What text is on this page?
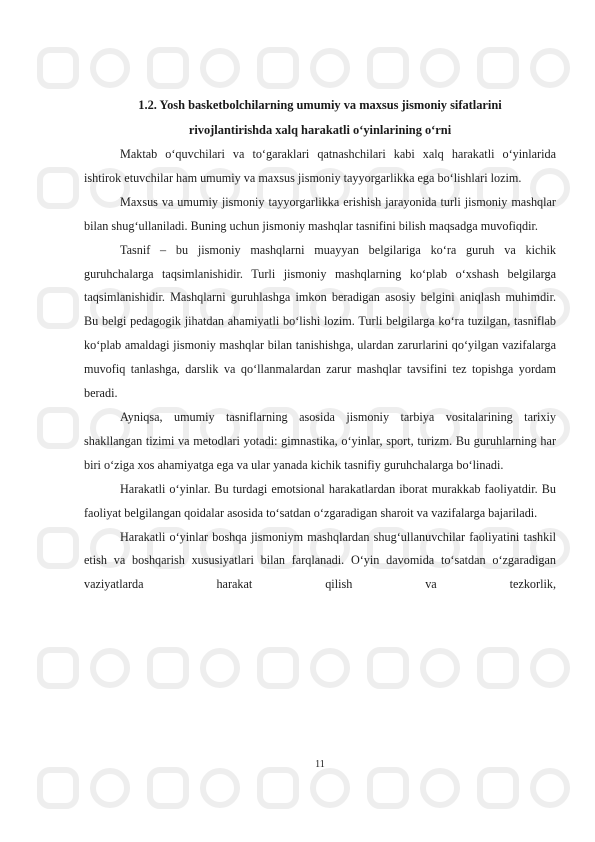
1.2. Yosh basketbolchilarning umumiy va maxsus jismoniy sifatlarini

rivojlantirishda xalq harakatli o‘yinlarining o‘rni

Maktab o‘quvchilari va to‘garaklari qatnashchilari kabi xalq harakatli o‘yinlarida ishtirok etuvchilar ham umumiy va maxsus jismoniy tayyorgarlikka ega bo‘lishlari lozim.

Maxsus va umumiy jismoniy tayyorgarlikka erishish jarayonida turli jismoniy mashqlar bilan shug‘ullaniladi. Buning uchun jismoniy mashqlar tasnifini bilish maqsadga muvofiqdir.

Tasnif – bu jismoniy mashqlarni muayyan belgilariga ko‘ra guruh va kichik guruhchalarga taqsimlanishidir. Turli jismoniy mashqlarning ko‘plab o‘xshash belgilarga taqsimlanishidir. Mashqlarni guruhlashga imkon beradigan asosiy belgini aniqlash muhimdir. Bu belgi pedagogik jihatdan ahamiyatli bo‘lishi lozim. Turli belgilarga ko‘ra tuzilgan, tasniflab ko‘plab amaldagi jismoniy mashqlar bilan tanishishga, ulardan zarurlarini qo‘yilgan vazifalarga muvofiq tanlashga, darslik va qo‘llanmalardan zarur mashqlar tavsifini tez topishga yordam beradi.

Ayniqsa, umumiy tasniflarning asosida jismoniy tarbiya vositalarining tarixiy shakllangan tizimi va metodlari yotadi: gimnastika, o‘yinlar, sport, turizm. Bu guruhlarning har biri o‘ziga xos ahamiyatga ega va ular yanada kichik tasnifiy guruhchalarga bo‘linadi.

Harakatli o‘yinlar. Bu turdagi emotsional harakatlardan iborat murakkab faoliyatdir. Bu faoliyat belgilangan qoidalar asosida to‘satdan o‘zgaradigan sharoit va vazifalarga bajariladi.

Harakatli o‘yinlar boshqa jismoniym mashqlardan shug‘ullanuvchilar faoliyatini tashkil etish va boshqarish xususiyatlari bilan farqlanadi. O‘yin davomida to‘satdan o‘zgaradigan vaziyatlarda harakat qilish va tezkorlik,

11
